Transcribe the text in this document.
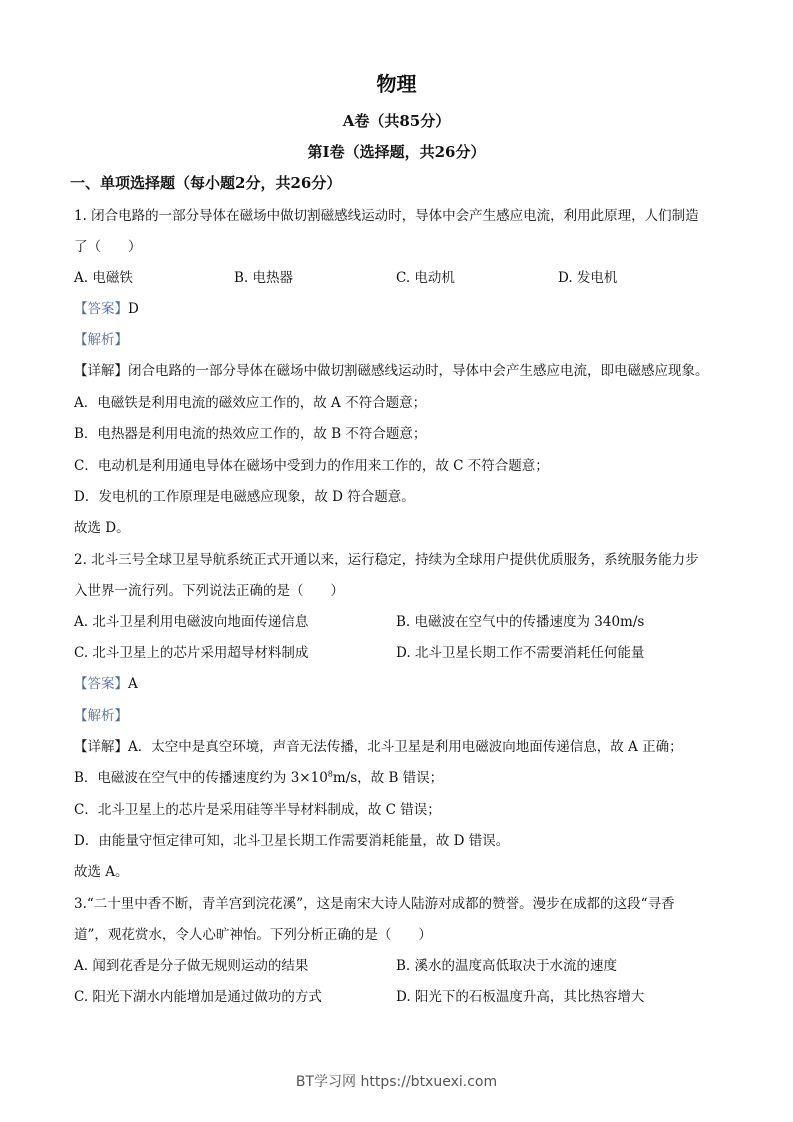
物理
A卷（共85分）
第Ⅰ卷（选择题，共26分）
一、单项选择题（每小题2分，共26分）
1. 闭合电路的一部分导体在磁场中做切割磁感线运动时，导体中会产生感应电流，利用此原理，人们制造
了（　　）
A. 电磁铁	B. 电热器	C. 电动机	D. 发电机
【答案】D
【解析】
【详解】闭合电路的一部分导体在磁场中做切割磁感线运动时，导体中会产生感应电流，即电磁感应现象。
A．电磁铁是利用电流的磁效应工作的，故 A 不符合题意；
B．电热器是利用电流的热效应工作的，故 B 不符合题意；
C．电动机是利用通电导体在磁场中受到力的作用来工作的，故 C 不符合题意；
D．发电机的工作原理是电磁感应现象，故 D 符合题意。
故选 D。
2. 北斗三号全球卫星导航系统正式开通以来，运行稳定，持续为全球用户提供优质服务，系统服务能力步
入世界一流行列。下列说法正确的是（　　）
A. 北斗卫星利用电磁波向地面传递信息	B. 电磁波在空气中的传播速度为 340m/s
C. 北斗卫星上的芯片采用超导材料制成	D. 北斗卫星长期工作不需要消耗任何能量
【答案】A
【解析】
【详解】A．太空中是真空环境，声音无法传播，北斗卫星是利用电磁波向地面传递信息，故 A 正确；
B．电磁波在空气中的传播速度约为 $3\times 10^8m/s$，故 B 错误；
C．北斗卫星上的芯片是采用硅等半导材料制成，故 C 错误；
D．由能量守恒定律可知，北斗卫星长期工作需要消耗能量，故 D 错误。
故选 A。
3.“二十里中香不断，青羊宫到浣花溪”，这是南宋大诗人陆游对成都的赞誉。漫步在成都的这段“寻香
道”，观花赏水，令人心旷神怡。下列分析正确的是（　　）
A. 闻到花香是分子做无规则运动的结果	B. 溪水的温度高低取决于水流的速度
C. 阳光下湖水内能增加是通过做功的方式	D. 阳光下的石板温度升高，其比热容增大
BT学习网 https://btxuexi.com
